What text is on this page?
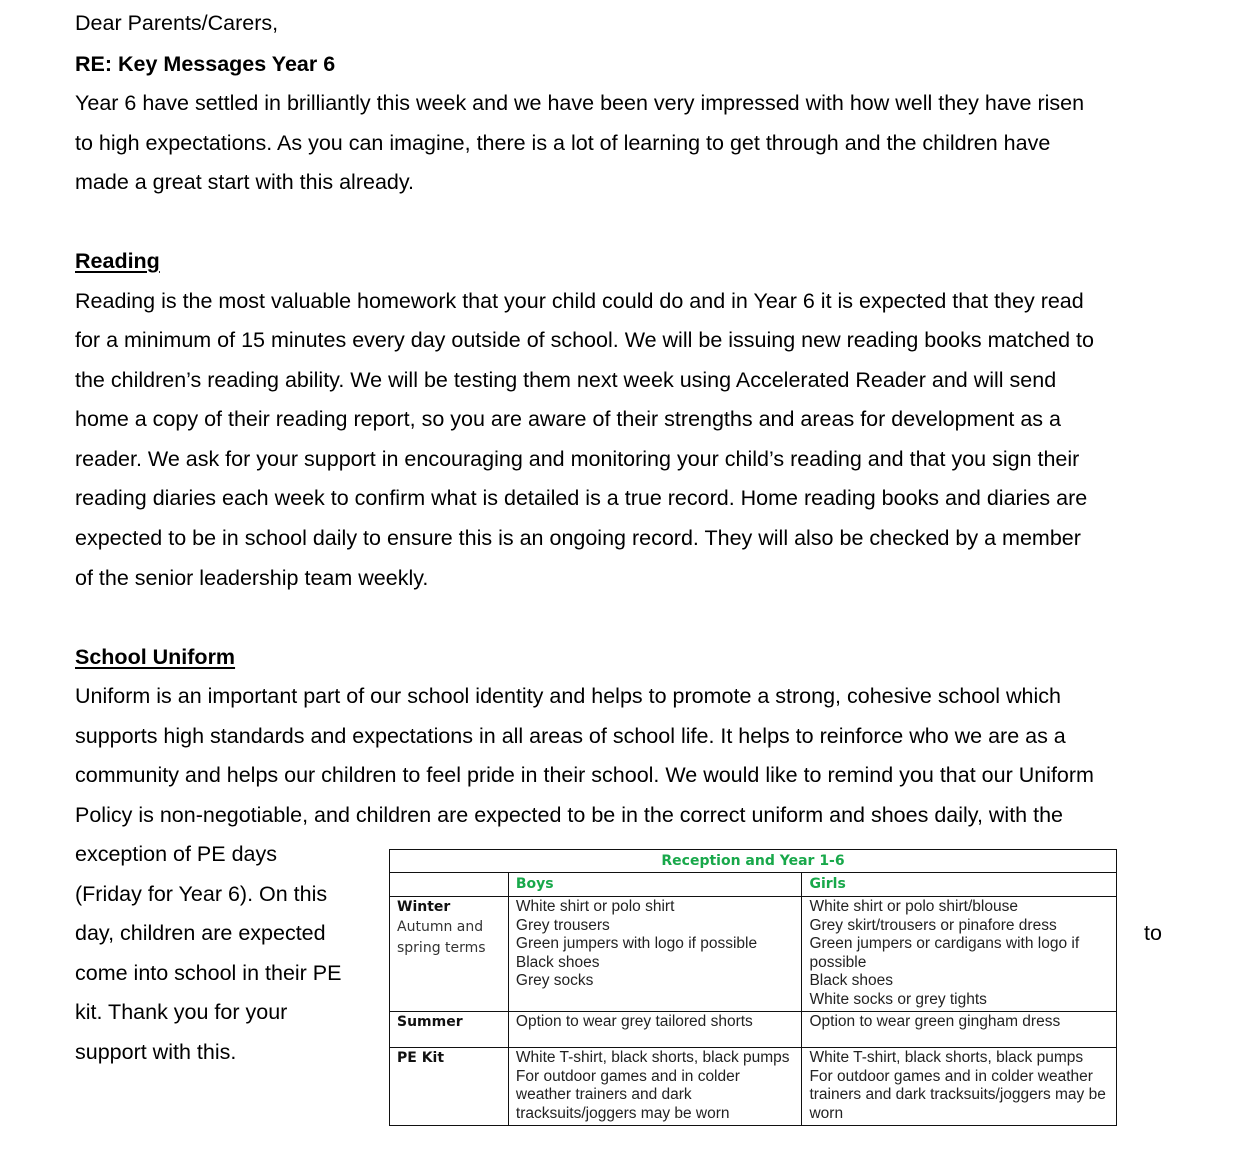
Dear Parents/Carers,
RE: Key Messages Year 6
Year 6 have settled in brilliantly this week and we have been very impressed with how well they have risen
to high expectations. As you can imagine, there is a lot of learning to get through and the children have
made a great start with this already.
Reading
Reading is the most valuable homework that your child could do and in Year 6 it is expected that they read
for a minimum of 15 minutes every day outside of school. We will be issuing new reading books matched to
the children’s reading ability. We will be testing them next week using Accelerated Reader and will send
home a copy of their reading report, so you are aware of their strengths and areas for development as a
reader. We ask for your support in encouraging and monitoring your child’s reading and that you sign their
reading diaries each week to confirm what is detailed is a true record. Home reading books and diaries are
expected to be in school daily to ensure this is an ongoing record. They will also be checked by a member
of the senior leadership team weekly.
School Uniform
Uniform is an important part of our school identity and helps to promote a strong, cohesive school which
supports high standards and expectations in all areas of school life. It helps to reinforce who we are as a
community and helps our children to feel pride in their school. We would like to remind you that our Uniform
Policy is non-negotiable, and children are expected to be in the correct uniform and shoes daily, with the
exception of PE days
(Friday for Year 6). On this
day, children are expected
come into school in their PE
kit. Thank you for your
support with this.
to
Reception and Year 1-6		
	Boys	Girls

Winter
Autumn and spring terms	White shirt or polo shirt
Grey trousers
Green jumpers with logo if possible
Black shoes
Grey socks	White shirt or polo shirt/blouse
Grey skirt/trousers or pinafore dress
Green jumpers or cardigans with logo if possible
Black shoes
White socks or grey tights

Summer	Option to wear grey tailored shorts	Option to wear green gingham dress

PE Kit	White T-shirt, black shorts, black pumps
For outdoor games and in colder weather trainers and dark tracksuits/joggers may be worn	White T-shirt, black shorts, black pumps
For outdoor games and in colder weather trainers and dark tracksuits/joggers may be worn
